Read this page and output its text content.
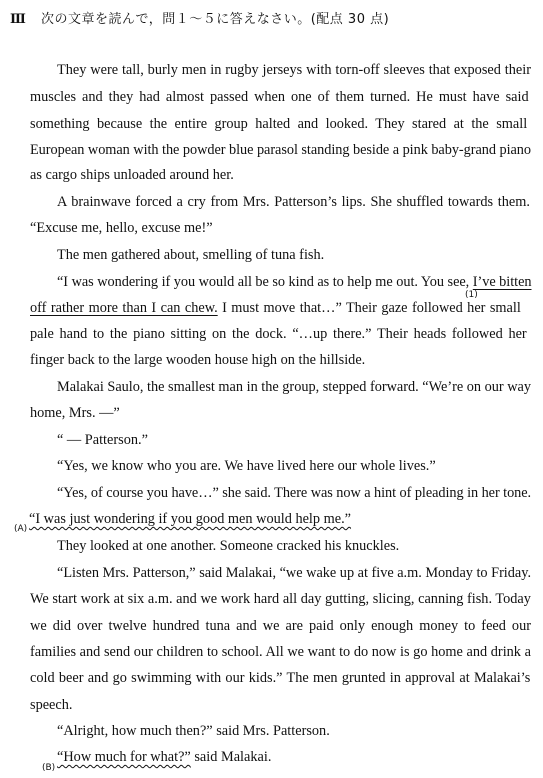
Ⅲ 次の文章を読んで，問１〜５に答えなさい。(配点 30 点)
They were tall, burly men in rugby jerseys with torn-off sleeves that exposed their
muscles and they had almost passed when one of them turned. He must have said
something because the entire group halted and looked. They stared at the small
European woman with the powder blue parasol standing beside a pink baby-grand piano
as cargo ships unloaded around her.
A brainwave forced a cry from Mrs. Patterson’s lips. She shuffled towards them.
“Excuse me, hello, excuse me!”
The men gathered about, smelling of tuna fish.
“I was wondering if you would all be so kind as to help me out. You see, I’ve bitten
(1)
off rather more than I can chew. I must move that…” Their gaze followed her small
pale hand to the piano sitting on the dock. “…up there.” Their heads followed her
finger back to the large wooden house high on the hillside.
Malakai Saulo, the smallest man in the group, stepped forward. “We’re on our way
home, Mrs. —”
“ — Patterson.”
“Yes, we know who you are. We have lived here our whole lives.”
“Yes, of course you have…” she said. There was now a hint of pleading in her tone.
(A)
“I was just wondering if you good men would help me.”
They looked at one another. Someone cracked his knuckles.
“Listen Mrs. Patterson,” said Malakai, “we wake up at five a.m. Monday to Friday.
We start work at six a.m. and we work hard all day gutting, slicing, canning fish. Today
we did over twelve hundred tuna and we are paid only enough money to feed our
families and send our children to school. All we want to do now is go home and drink a
cold beer and go swimming with our kids.” The men grunted in approval at Malakai’s
speech.
“Alright, how much then?” said Mrs. Patterson.
“How much for what?” said Malakai.
(B)
